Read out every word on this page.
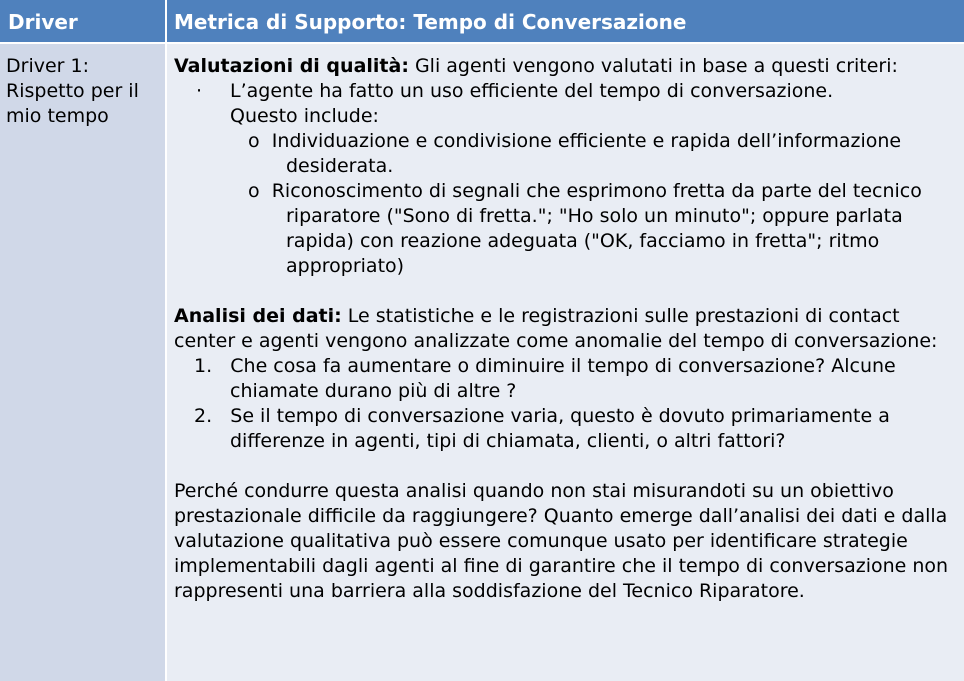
Driver	Metrica di Supporto: Tempo di Conversazione
Driver 1: Rispetto per il mio tempo

Valutazioni di qualità: Gli agenti vengono valutati in base a questi criteri:

· L’agente ha fatto un uso efficiente del tempo di conversazione.
Questo include:
o Individuazione e condivisione efficiente e rapida dell’informazione desiderata.
o Riconoscimento di segnali che esprimono fretta da parte del tecnico riparatore ("Sono di fretta."; "Ho solo un minuto"; oppure parlata rapida) con reazione adeguata ("OK, facciamo in fretta"; ritmo appropriato)

Analisi dei dati: Le statistiche e le registrazioni sulle prestazioni di contact center e agenti vengono analizzate come anomalie del tempo di conversazione:

1. Che cosa fa aumentare o diminuire il tempo di conversazione? Alcune chiamate durano più di altre ?
2. Se il tempo di conversazione varia, questo è dovuto primariamente a differenze in agenti, tipi di chiamata, clienti, o altri fattori?

Perché condurre questa analisi quando non stai misurandoti su un obiettivo prestazionale difficile da raggiungere? Quanto emerge dall’analisi dei dati e dalla valutazione qualitativa può essere comunque usato per identificare strategie implementabili dagli agenti al fine di garantire che il tempo di conversazione non rappresenti una barriera alla soddisfazione del Tecnico Riparatore.
